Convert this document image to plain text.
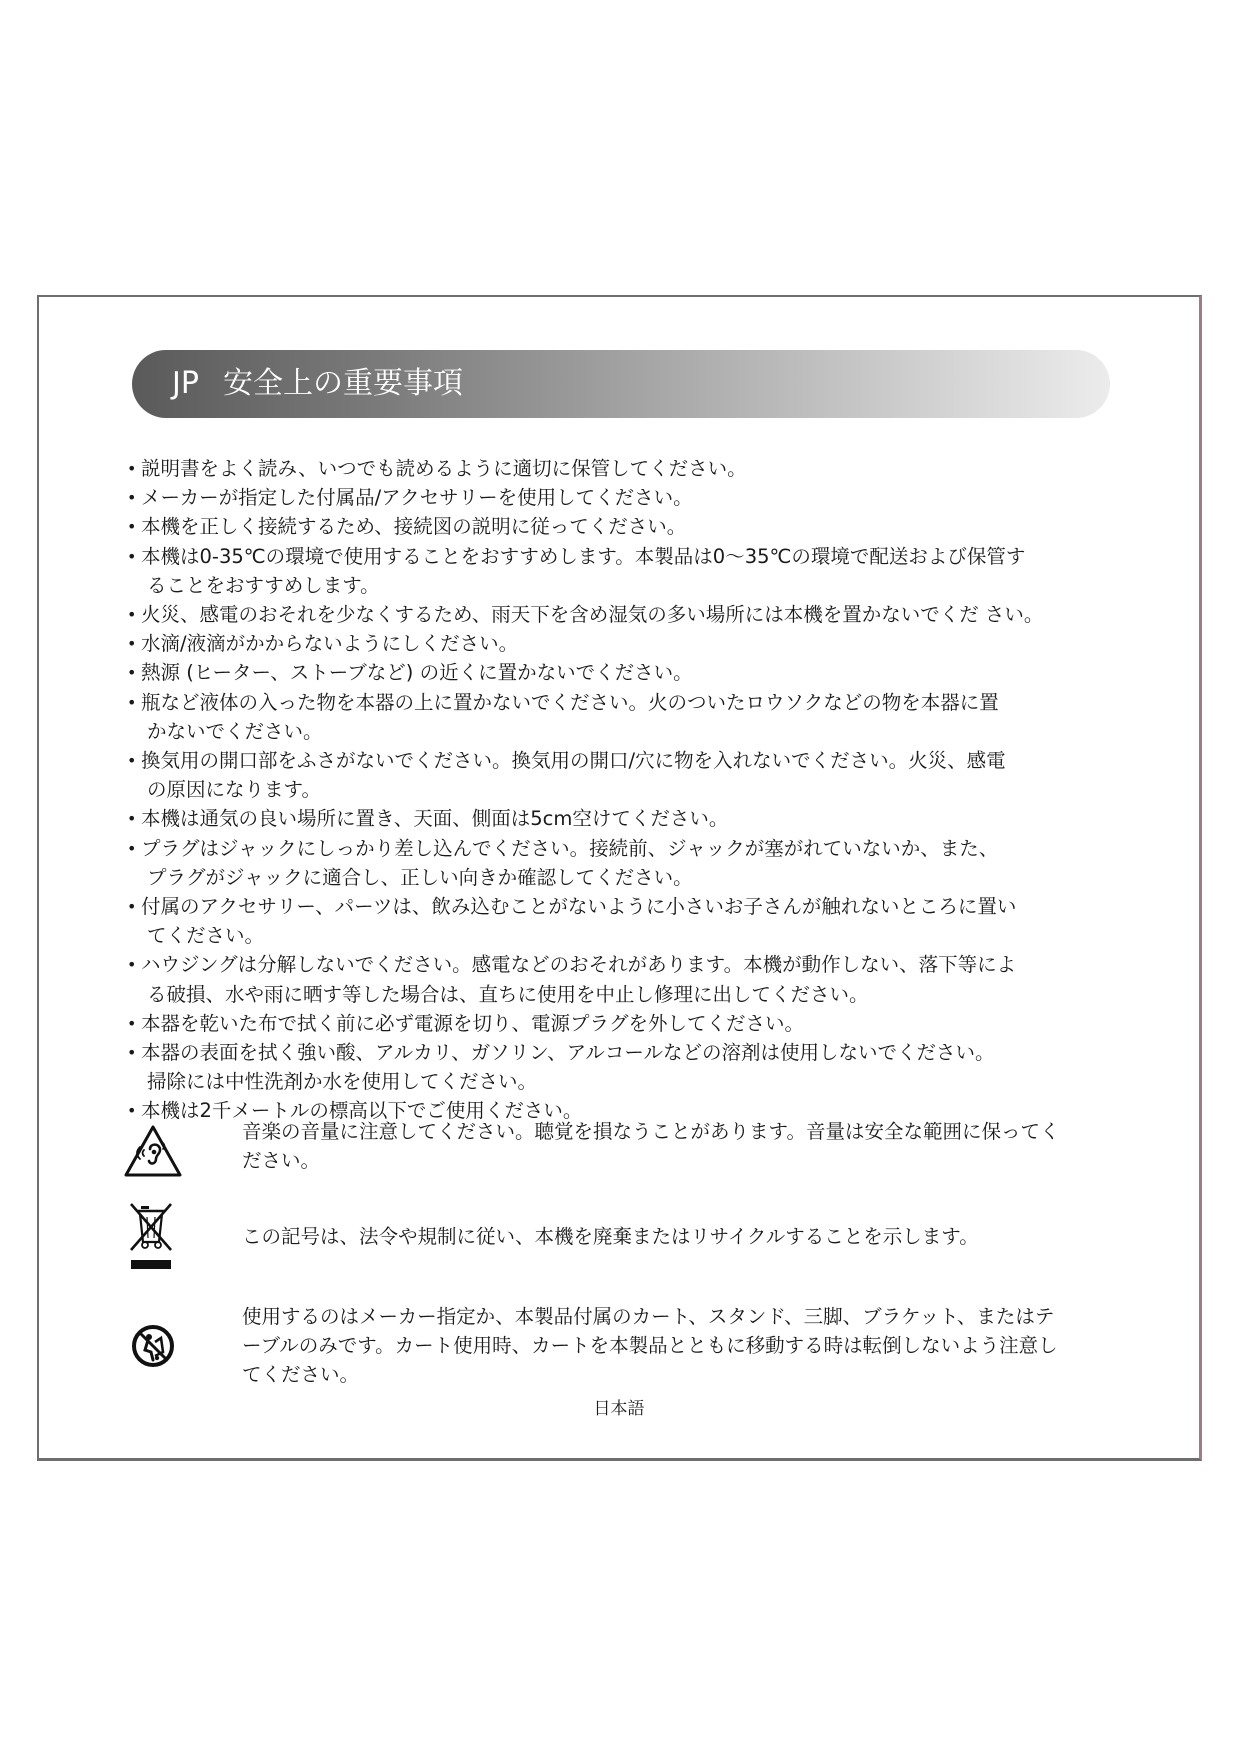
JP 安全上の重要事項
• 説明書をよく読み、いつでも読めるように適切に保管してください。
• メーカーが指定した付属品/アクセサリーを使用してください。
• 本機を正しく接続するため、接続図の説明に従ってください。
• 本機は0-35℃の環境で使用することをおすすめします。本製品は0〜35℃の環境で配送および保管す
ることをおすすめします。
• 火災、感電のおそれを少なくするため、雨天下を含め湿気の多い場所には本機を置かないでくだ さい。
• 水滴/液滴がかからないようにしください。
• 熱源 (ヒーター、ストーブなど) の近くに置かないでください。
• 瓶など液体の入った物を本器の上に置かないでください。火のついたロウソクなどの物を本器に置
かないでください。
• 換気用の開口部をふさがないでください。換気用の開口/穴に物を入れないでください。火災、感電
の原因になります。
• 本機は通気の良い場所に置き、天面、側面は5cm空けてください。
• プラグはジャックにしっかり差し込んでください。接続前、ジャックが塞がれていないか、また、
プラグがジャックに適合し、正しい向きか確認してください。
• 付属のアクセサリー、パーツは、飲み込むことがないように小さいお子さんが触れないところに置い
てください。
• ハウジングは分解しないでください。感電などのおそれがあります。本機が動作しない、落下等によ
る破損、水や雨に晒す等した場合は、直ちに使用を中止し修理に出してください。
• 本器を乾いた布で拭く前に必ず電源を切り、電源プラグを外してください。
• 本器の表面を拭く強い酸、アルカリ、ガソリン、アルコールなどの溶剤は使用しないでください。
掃除には中性洗剤か水を使用してください。
• 本機は2千メートルの標高以下でご使用ください。
音楽の音量に注意してください。聴覚を損なうことがあります。音量は安全な範囲に保ってく
ださい。
この記号は、法令や規制に従い、本機を廃棄またはリサイクルすることを示します。
使用するのはメーカー指定か、本製品付属のカート、スタンド、三脚、ブラケット、またはテ
ーブルのみです。カート使用時、カートを本製品とともに移動する時は転倒しないよう注意し
てください。
日本語
